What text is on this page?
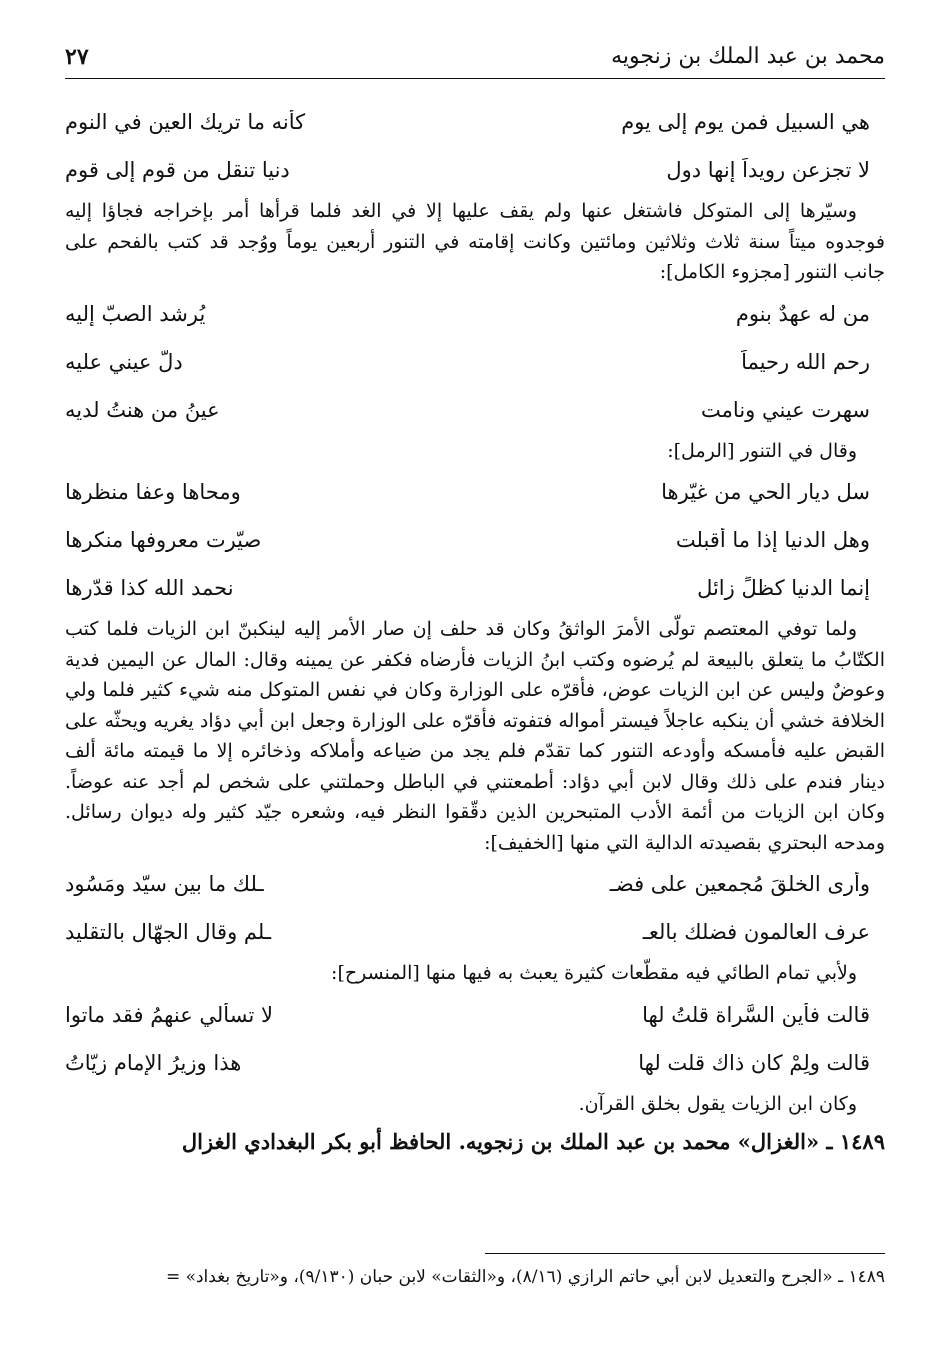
محمد بن عبد الملك بن زنجويه
٢٧
هي السبيل فمن يوم إلى يوم
كأنه ما تريك العين في النوم
لا تجزعن رويداً إنها دول
دنيا تنقل من قوم إلى قوم

وسيّرها إلى المتوكل فاشتغل عنها ولم يقف عليها إلا في الغد فلما قرأها أمر بإخراجه فجاؤا إليه فوجدوه ميتاً سنة ثلاث وثلاثين ومائتين وكانت إقامته في التنور أربعين يوماً ووُجد قد كتب بالفحم على جانب التنور [مجزوء الكامل]:

من له عهدٌ بنوم
يُرشد الصبّ إليه
رحم الله رحيماً
دلّ عيني عليه
سهرت عيني ونامت
عينُ من هنتُ لديه

وقال في التنور [الرمل]:

سل ديار الحي من غيّرها
ومحاها وعفا منظرها
وهل الدنيا إذا ما أقبلت
صيّرت معروفها منكرها
إنما الدنيا كظلٍّ زائلٍ
نحمد الله كذا قدّرها

ولما توفي المعتصم تولّى الأمرَ الواثقُ وكان قد حلف إن صار الأمر إليه لينكبنّ ابن الزيات فلما كتب الكتّابُ ما يتعلق بالبيعة لم يُرضوه وكتب ابنُ الزيات فأرضاه فكفر عن يمينه وقال: المال عن اليمين فدية وعوضٌ وليس عن ابن الزيات عوض، فأقرّه على الوزارة وكان في نفس المتوكل منه شيء كثير فلما ولي الخلافة خشي أن ينكبه عاجلاً فيستر أمواله فتفوته فأقرّه على الوزارة وجعل ابن أبي دؤاد يغريه ويحثّه على القبض عليه فأمسكه وأودعه التنور كما تقدّم فلم يجد من ضياعه وأملاكه وذخائره إلا ما قيمته مائة ألف دينار فندم على ذلك وقال لابن أبي دؤاد: أطمعتني في الباطل وحملتني على شخص لم أجد عنه عوضاً. وكان ابن الزيات من أئمة الأدب المتبحرين الذين دقّقوا النظر فيه، وشعره جيّد كثير وله ديوان رسائل. ومدحه البحتري بقصيدته الدالية التي منها [الخفيف]:

وأرى الخلقَ مُجمعين على فضـ
ـلك ما بين سيّد ومَسُود
عرف العالمون فضلك بالعـ
ـلم وقال الجهّال بالتقليد

ولأبي تمام الطائي فيه مقطّعات كثيرة يعبث به فيها منها [المنسرح]:

قالت فأين السَّراة قلتُ لها
لا تسألي عنهمُ فقد ماتوا
قالت ولِمْ كان ذاك قلت لها
هذا وزيرُ الإمامِ زيّاتُ

وكان ابن الزيات يقول بخلق القرآن.

١٤٨٩ ـ «الغزال» محمد بن عبد الملك بن زنجويه. الحافظ أبو بكر البغدادي الغزال
١٤٨٩ ـ «الجرح والتعديل لابن أبي حاتم الرازي (٨/١٦)، و«الثقات» لابن حبان (٩/١٣٠)، و«تاريخ بغداد» =
